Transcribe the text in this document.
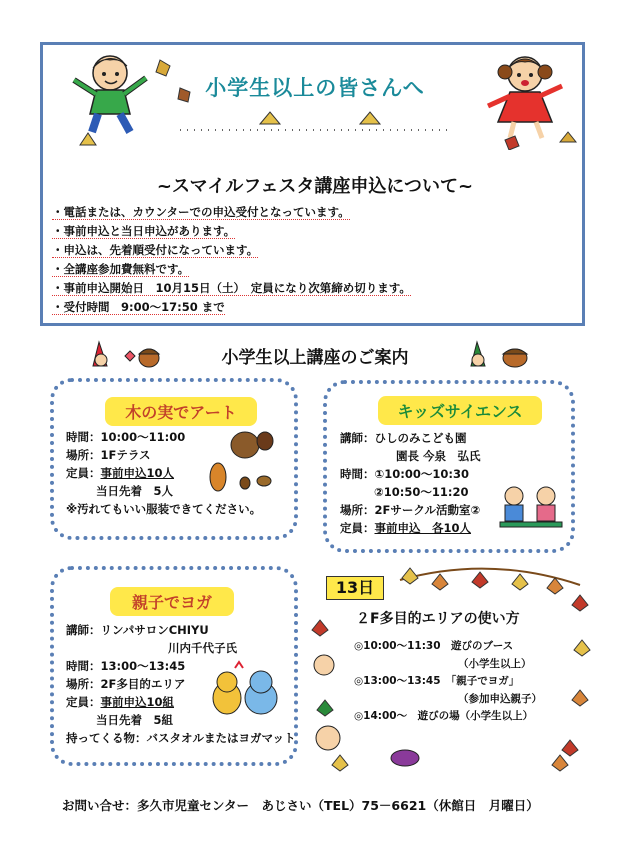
小学生以上の皆さんへ
~スマイルフェスタ講座申込について~
・電話または、カウンターでの申込受付となっています。
・事前申込と当日申込があります。
・申込は、先着順受付になっています。
・全講座参加費無料です。
・事前申込開始日　10月15日（土）　定員になり次第締め切ります。
・受付時間　9:00～17:50 まで
小学生以上講座のご案内
木の実でアート
時間：10:00～11:00
場所：1Fテラス
定員：事前申込10人
当日先着　5人
※汚れてもいい服装できてください。
キッズサイエンス
講師：ひしのみこども園
園長 今泉　弘氏
時間：①10:00～10:30
②10:50～11:20
場所：2Fサークル活動室②
定員：事前申込　各10人
親子でヨガ
講師：リンパサロンCHIYU
川内千代子氏
時間：13:00～13:45
場所：2F多目的エリア
定員：事前申込10組
当日先着　5組
持ってくる物：バスタオルまたはヨガマット
13日
２F多目的エリアの使い方
◎10:00～11:30　遊びのブース
（小学生以上）
◎13:00～13:45　「親子でヨガ」
（参加申込親子）
◎14:00～　遊びの場（小学生以上）
お問い合せ：多久市児童センター　あじさい（TEL）75－6621（休館日　月曜日）
